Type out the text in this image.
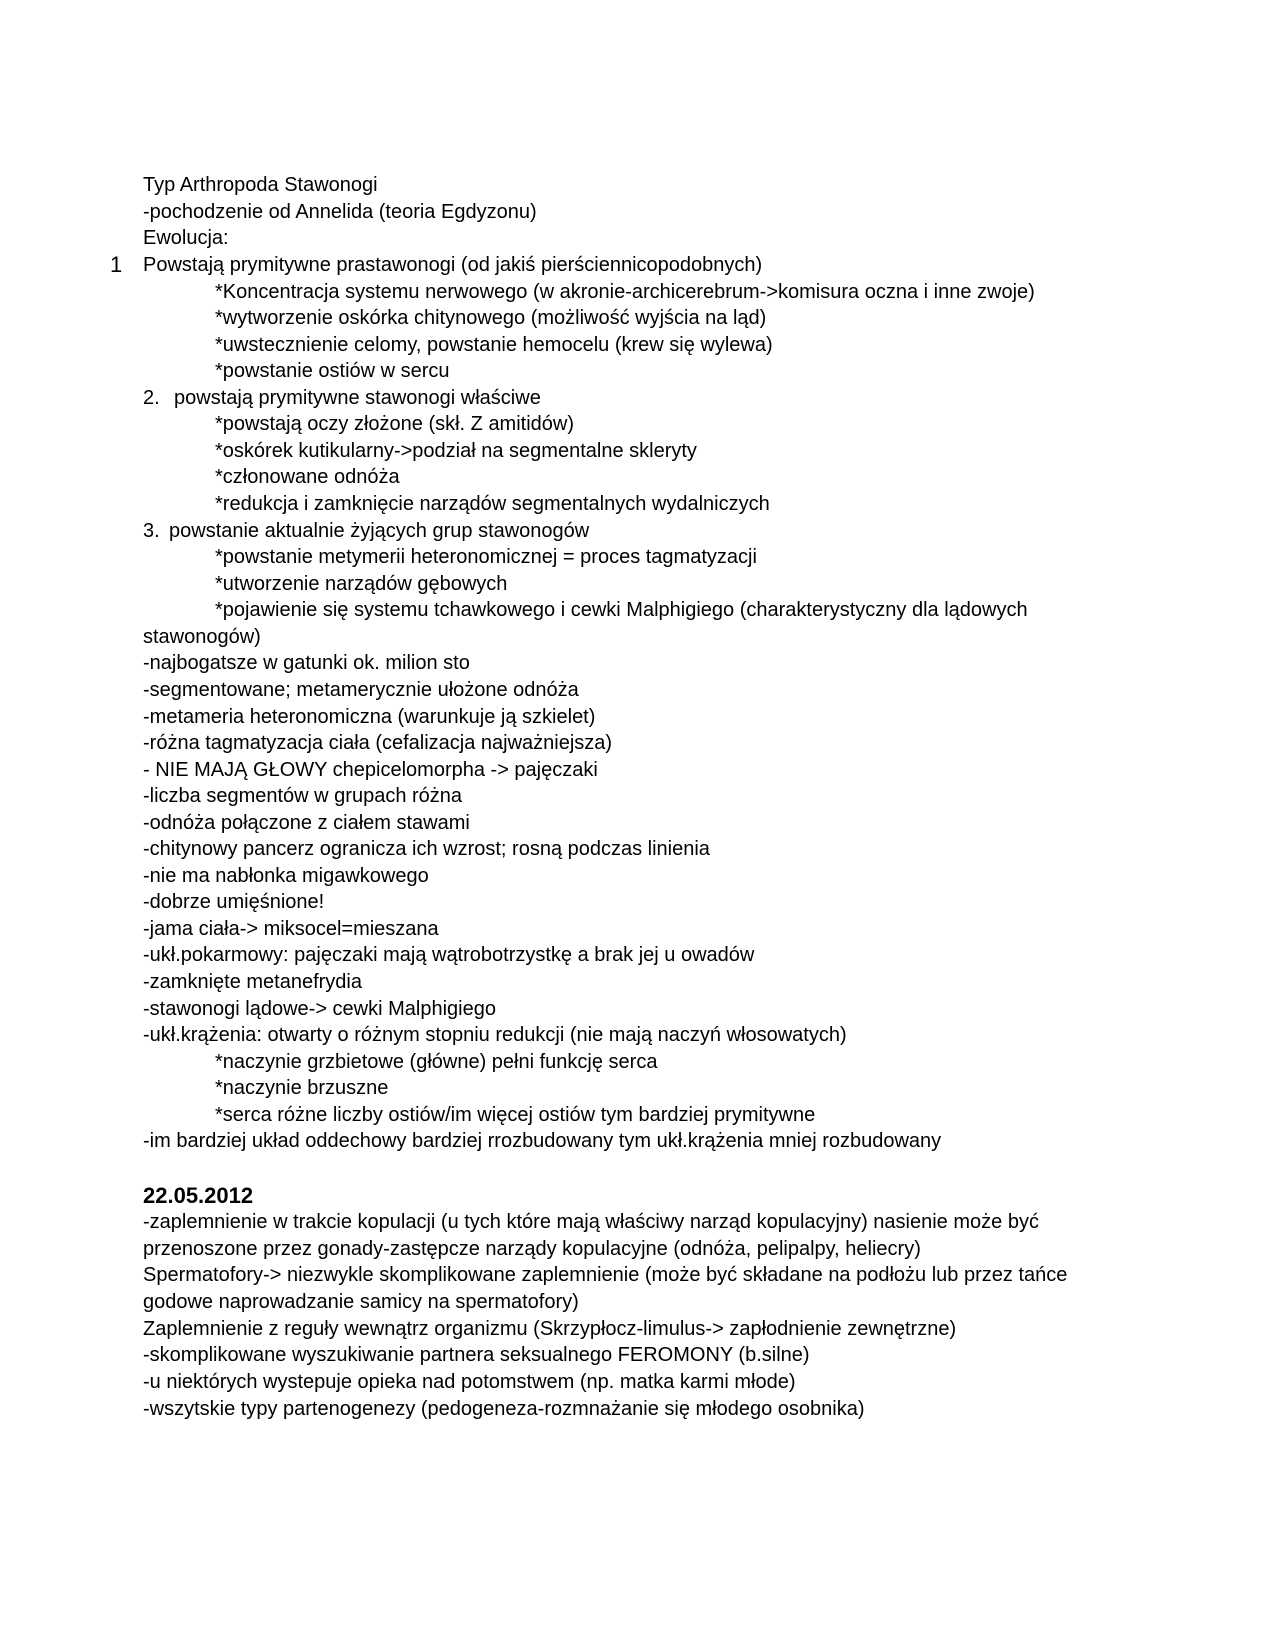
Typ Arthropoda Stawonogi
-pochodzenie od Annelida (teoria Egdyzonu)
Ewolucja:
1 Powstają prymitywne prastawonogi (od jakiś pierściennicopodobnych)
*Koncentracja systemu nerwowego (w akronie-archicerebrum->komisura oczna i inne zwoje)
*wytworzenie oskórka chitynowego (możliwość wyjścia na ląd)
*uwstecznienie celomy, powstanie hemocelu (krew się wylewa)
*powstanie ostiów w sercu
2. powstają prymitywne stawonogi właściwe
*powstają oczy złożone (skł. Z amitidów)
*oskórek kutikularny->podział na segmentalne skleryty
*członowane odnóża
*redukcja i zamknięcie narządów segmentalnych wydalniczych
3. powstanie aktualnie żyjących grup stawonogów
*powstanie metymerii heteronomicznej = proces tagmatyzacji
*utworzenie narządów gębowych
*pojawienie się systemu tchawkowego i cewki Malphigiego (charakterystyczny dla lądowych
stawonogów)
-najbogatsze w gatunki ok. milion sto
-segmentowane; metamerycznie ułożone odnóża
-metameria heteronomiczna (warunkuje ją szkielet)
-różna tagmatyzacja ciała (cefalizacja najważniejsza)
- NIE MAJĄ GŁOWY chepicelomorpha -> pajęczaki
-liczba segmentów w grupach różna
-odnóża połączone z ciałem stawami
-chitynowy pancerz ogranicza ich wzrost; rosną podczas linienia
-nie ma nabłonka migawkowego
-dobrze umięśnione!
-jama ciała-> miksocel=mieszana
-ukł.pokarmowy: pajęczaki mają wątrobotrzystkę a brak jej u owadów
-zamknięte metanefrydia
-stawonogi lądowe-> cewki Malphigiego
-ukł.krążenia: otwarty o różnym stopniu redukcji (nie mają naczyń włosowatych)
*naczynie grzbietowe (główne) pełni funkcję serca
*naczynie brzuszne
*serca różne liczby ostiów/im więcej ostiów tym bardziej prymitywne
-im bardziej układ oddechowy bardziej rrozbudowany tym ukł.krążenia mniej rozbudowany
22.05.2012
-zaplemnienie w trakcie kopulacji (u tych które mają właściwy narząd kopulacyjny) nasienie może być
przenoszone przez gonady-zastępcze narządy kopulacyjne (odnóża, pelipalpy, heliecry)
Spermatofory-> niezwykle skomplikowane zaplemnienie (może być składane na podłożu lub przez tańce
godowe naprowadzanie samicy na spermatofory)
Zaplemnienie z reguły wewnątrz organizmu (Skrzypłocz-limulus-> zapłodnienie zewnętrzne)
-skomplikowane wyszukiwanie partnera seksualnego FEROMONY (b.silne)
-u niektórych wystepuje opieka nad potomstwem (np. matka karmi młode)
-wszytskie typy partenogenezy (pedogeneza-rozmnażanie się młodego osobnika)
